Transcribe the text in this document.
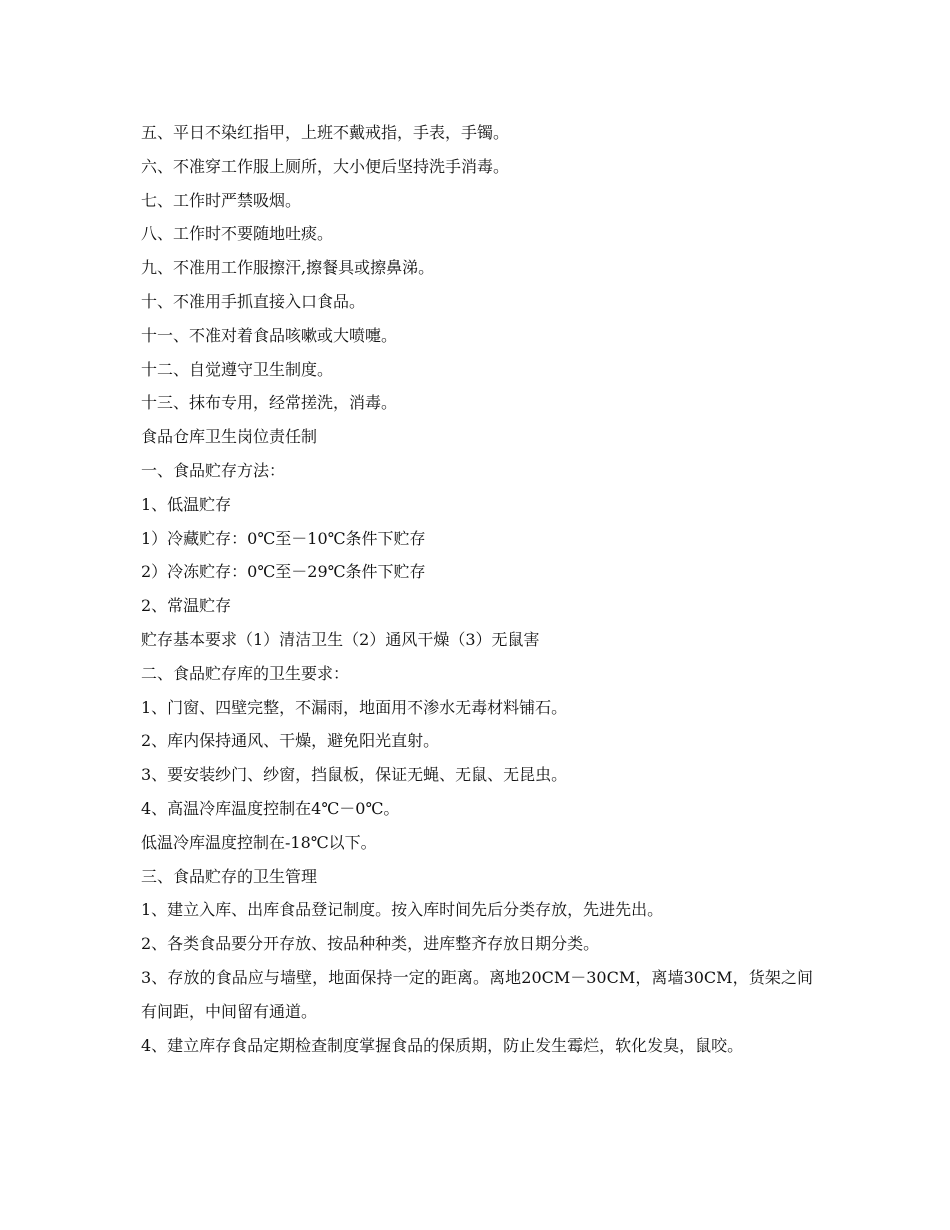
五、平日不染红指甲，上班不戴戒指，手表，手镯。
六、不准穿工作服上厕所，大小便后坚持洗手消毒。
七、工作时严禁吸烟。
八、工作时不要随地吐痰。
九、不准用工作服擦汗,擦餐具或擦鼻涕。
十、不准用手抓直接入口食品。
十一、不准对着食品咳嗽或大喷嚏。
十二、自觉遵守卫生制度。
十三、抹布专用，经常搓洗，消毒。
食品仓库卫生岗位责任制
一、食品贮存方法：
1、低温贮存
1）冷藏贮存：0℃至－10℃条件下贮存
2）冷冻贮存：0℃至－29℃条件下贮存
2、常温贮存
贮存基本要求（1）清洁卫生（2）通风干燥（3）无鼠害
二、食品贮存库的卫生要求：
1、门窗、四壁完整，不漏雨，地面用不渗水无毒材料铺石。
2、库内保持通风、干燥，避免阳光直射。
3、要安装纱门、纱窗，挡鼠板，保证无蝇、无鼠、无昆虫。
4、高温冷库温度控制在4℃－0℃。
低温冷库温度控制在-18℃以下。
三、食品贮存的卫生管理
1、建立入库、出库食品登记制度。按入库时间先后分类存放，先进先出。
2、各类食品要分开存放、按品种种类，进库整齐存放日期分类。
3、存放的食品应与墙壁，地面保持一定的距离。离地20CM－30CM，离墙30CM，货架之间有间距，中间留有通道。
4、建立库存食品定期检查制度掌握食品的保质期，防止发生霉烂，软化发臭，鼠咬。
